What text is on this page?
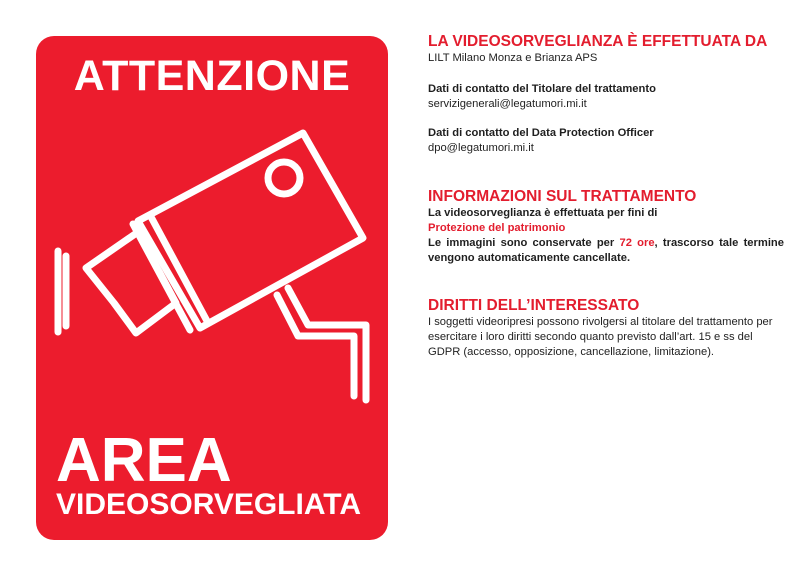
ATTENZIONE
AREA
VIDEOSORVEGLIATA
LA VIDEOSORVEGLIANZA È EFFETTUATA DA
LILT Milano Monza e Brianza APS
Dati di contatto del Titolare del trattamento
servizigenerali@legatumori.mi.it
Dati di contatto del Data Protection Officer
dpo@legatumori.mi.it
INFORMAZIONI SUL TRATTAMENTO
La videosorveglianza è effettuata per fini di
Protezione del patrimonio
Le immagini sono conservate per 72 ore, trascorso tale termine vengono automaticamente cancellate.
DIRITTI DELL’INTERESSATO
I soggetti videoripresi possono rivolgersi al titolare del trattamento per esercitare i loro diritti secondo quanto previsto dall’art. 15 e ss del GDPR (accesso, opposizione, cancellazione, limitazione).
